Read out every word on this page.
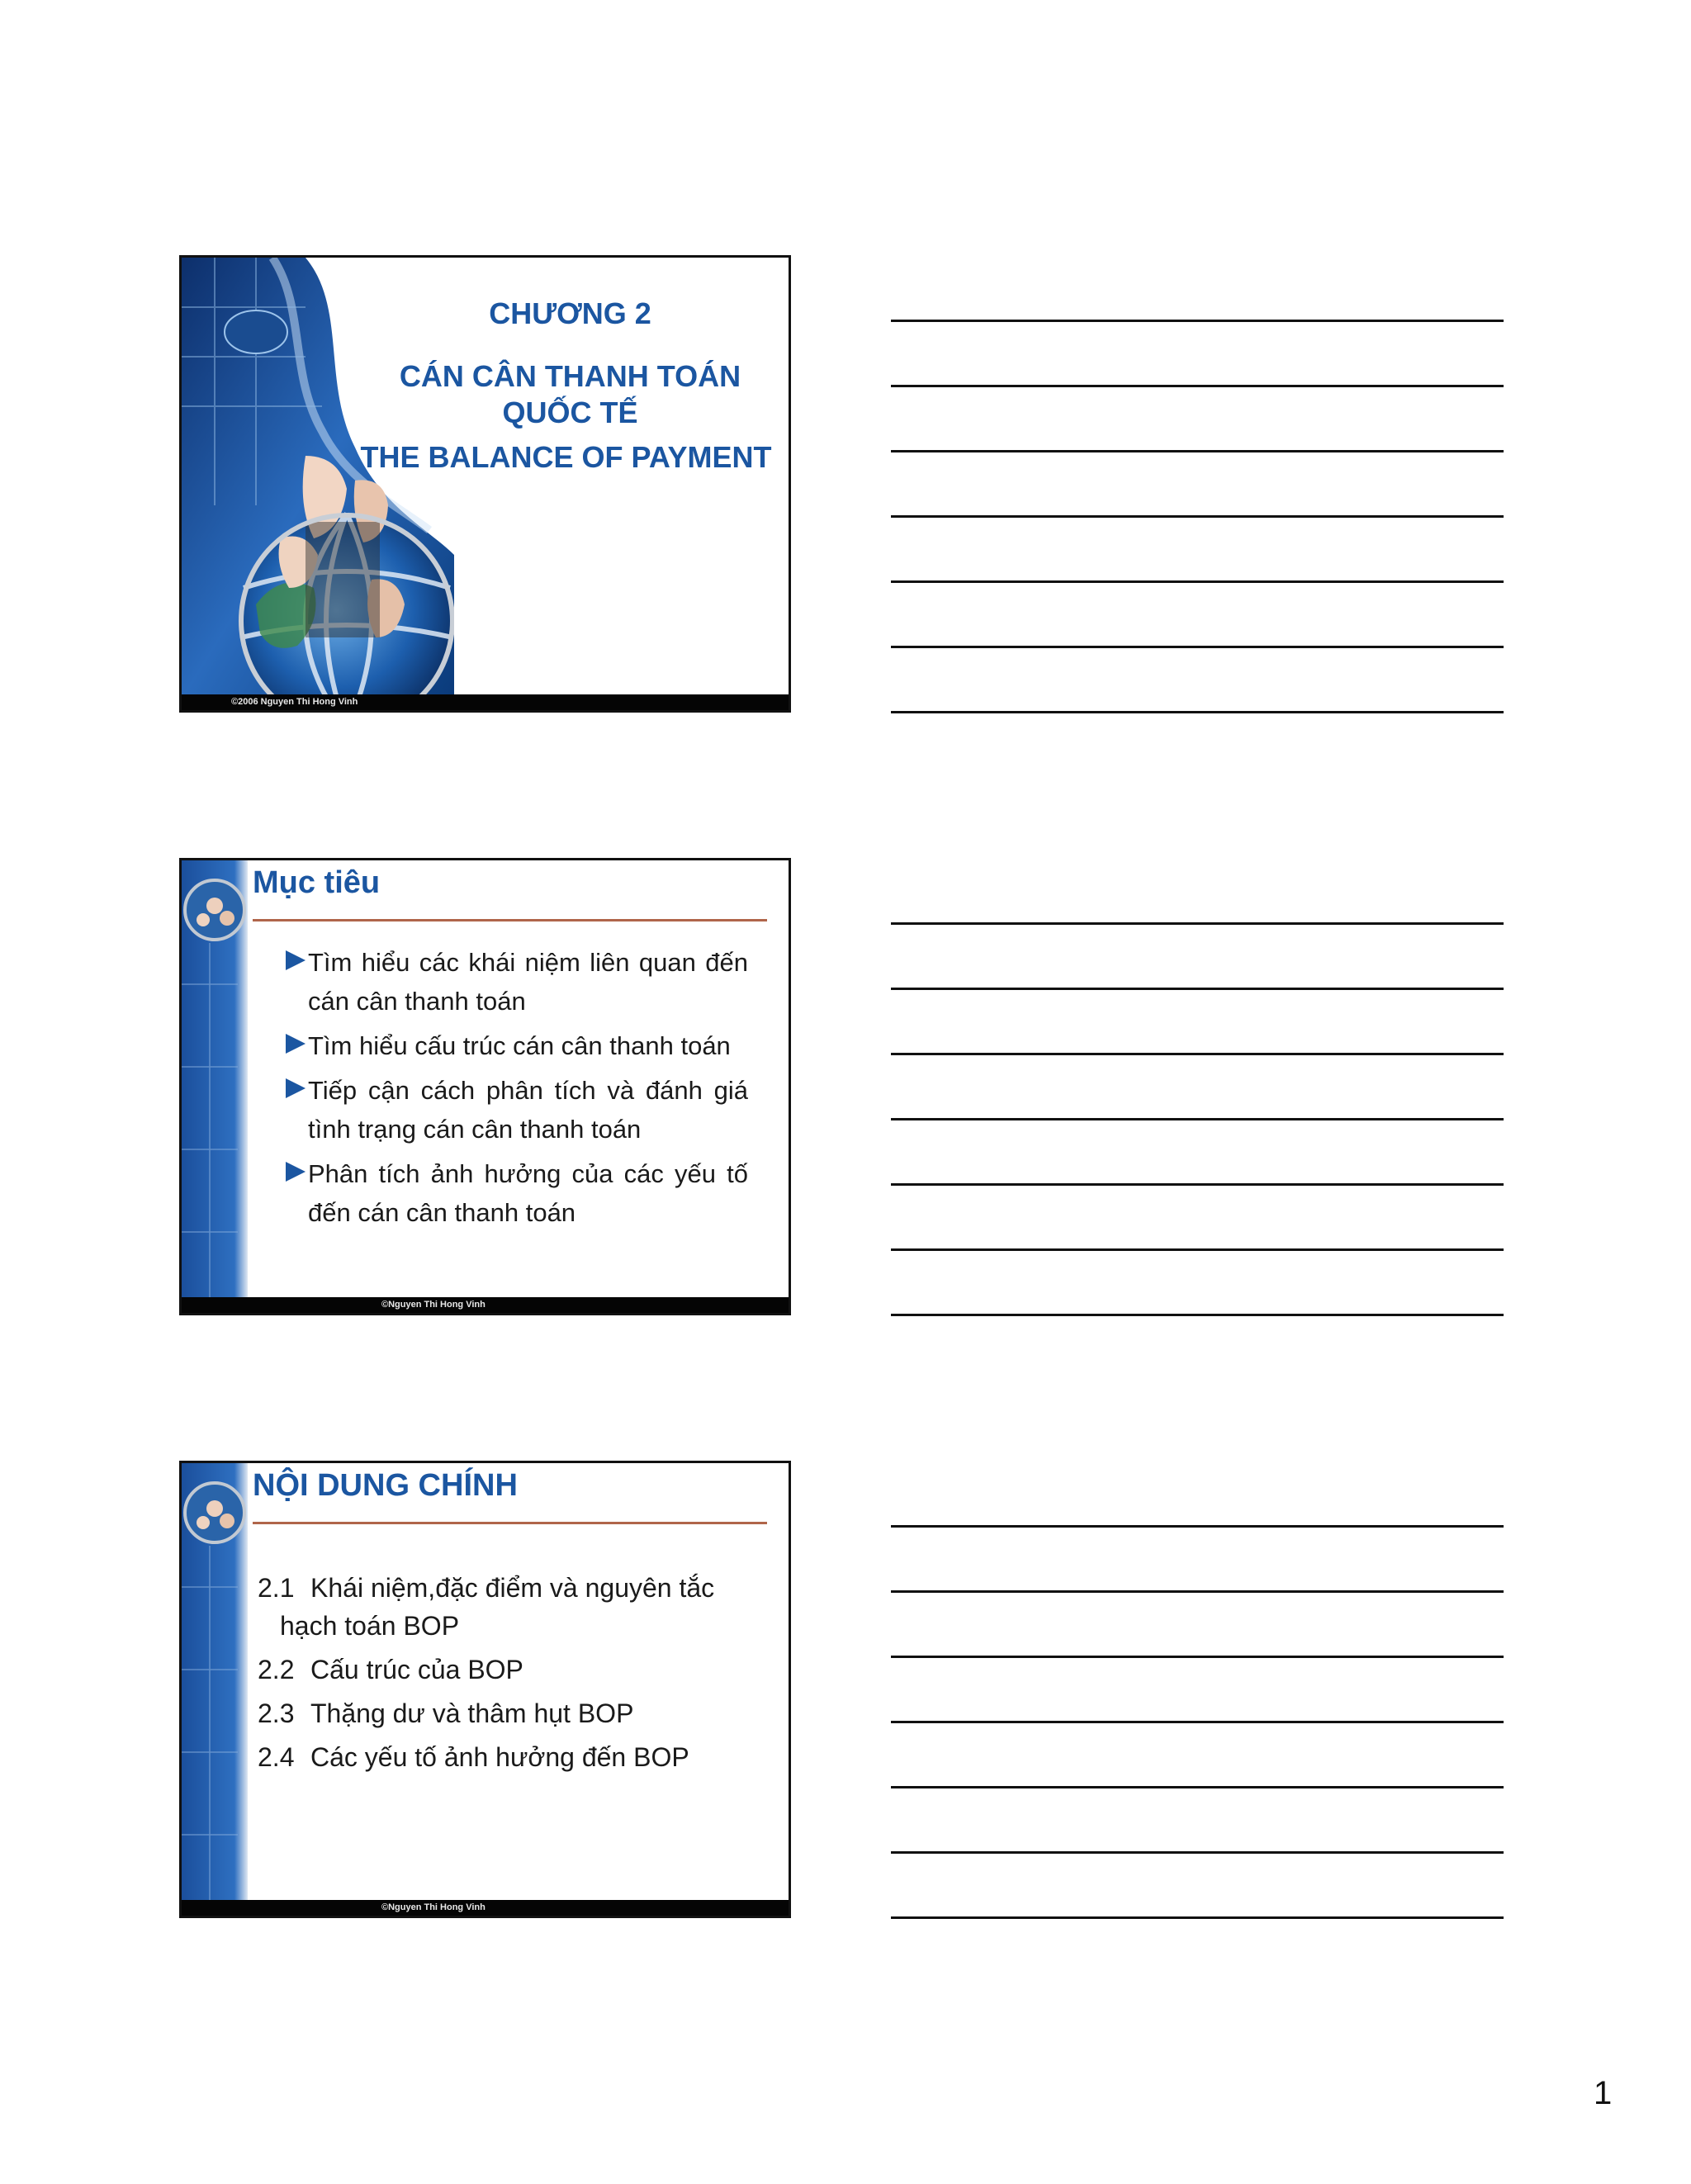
CHƯƠNG 2
CÁN CÂN THANH TOÁN
QUỐC TẾ
THE BALANCE OF PAYMENT
©2006 Nguyen Thi Hong Vinh
Mục tiêu
Tìm hiểu các khái niệm liên quan đến cán cân thanh toán
Tìm hiểu cấu trúc cán cân thanh toán
Tiếp cận cách phân tích và đánh giá tình trạng cán cân thanh toán
Phân tích ảnh hưởng của các yếu tố đến cán cân thanh toán
©Nguyen Thi Hong Vinh
NỘI DUNG CHÍNH
2.1 Khái niệm,đặc điểm và nguyên tắc
hạch toán BOP
2.2 Cấu trúc của BOP
2.3 Thặng dư và thâm hụt BOP
2.4 Các yếu tố ảnh hưởng đến BOP
©Nguyen Thi Hong Vinh
1
